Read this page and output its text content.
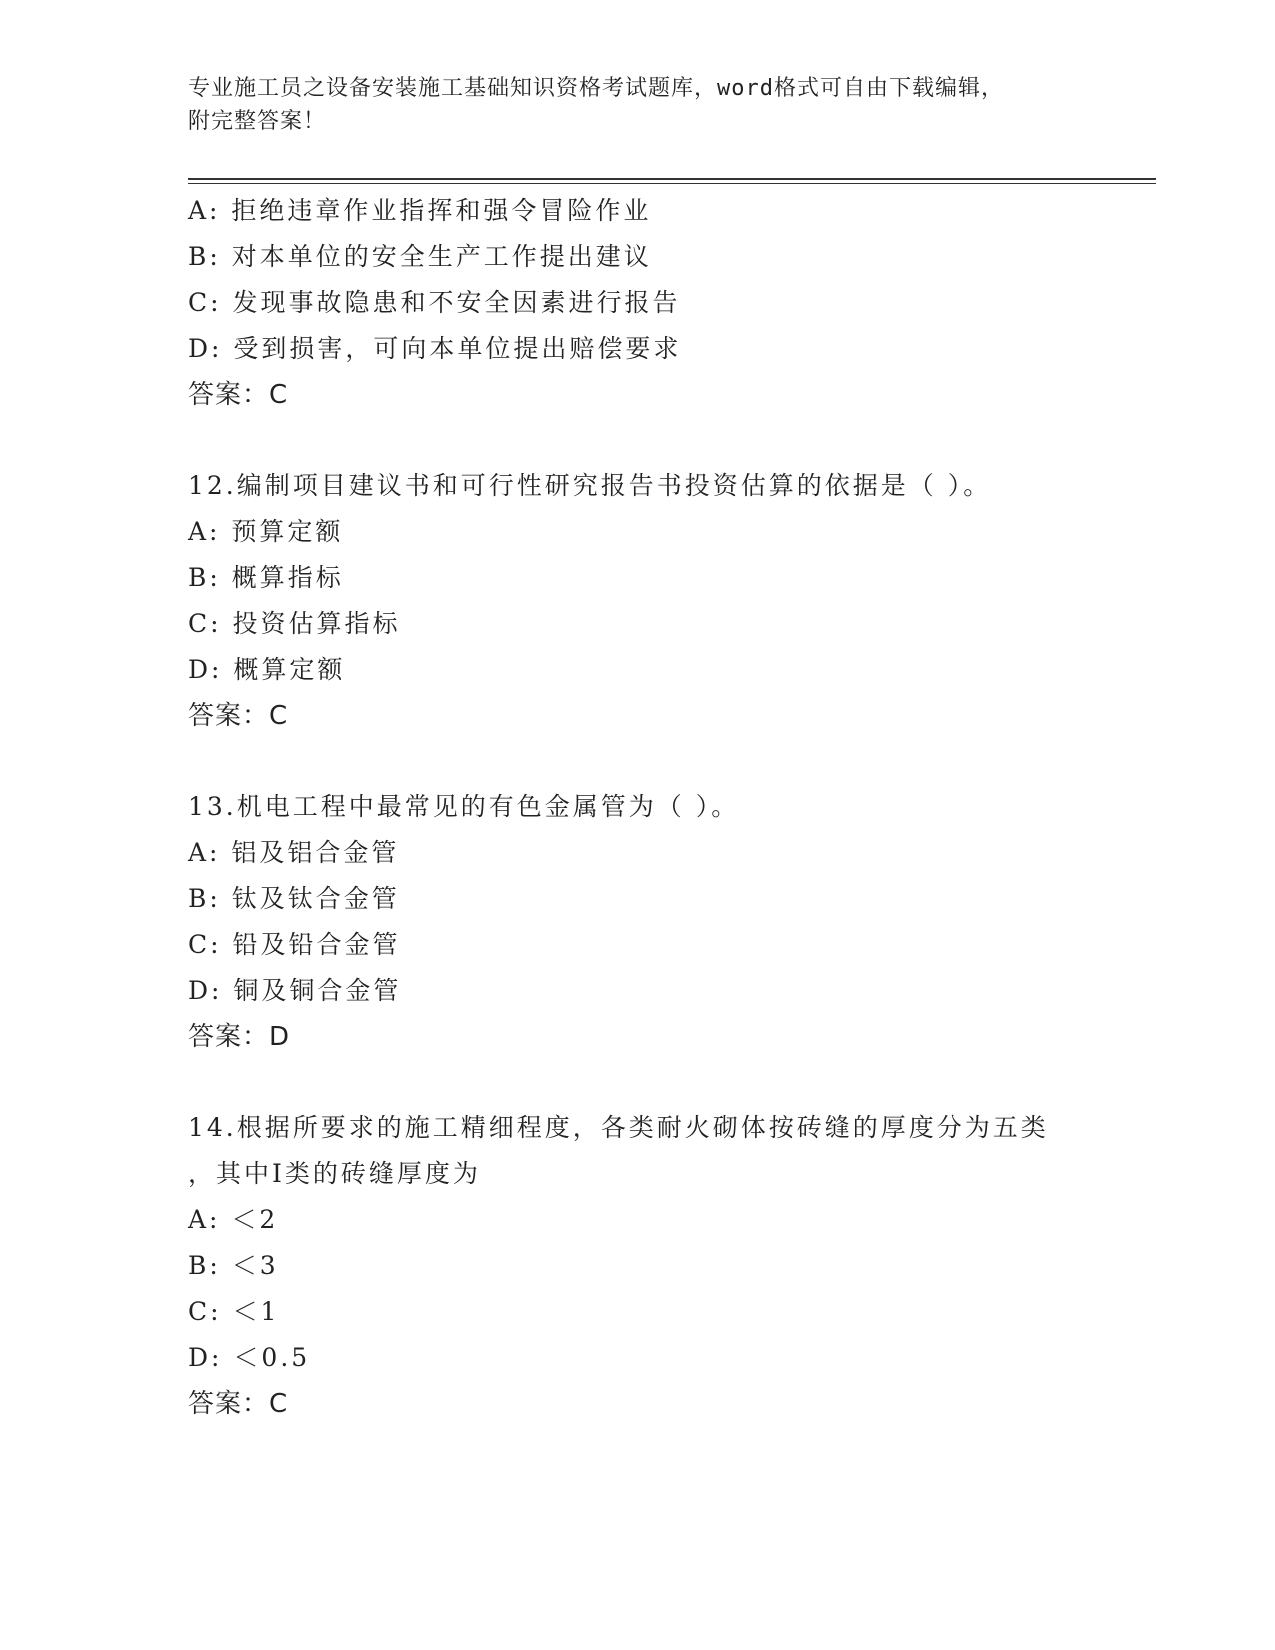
专业施工员之设备安装施工基础知识资格考试题库，word格式可自由下载编辑，
附完整答案！
A: 拒绝违章作业指挥和强令冒险作业
B: 对本单位的安全生产工作提出建议
C: 发现事故隐患和不安全因素进行报告
D: 受到损害，可向本单位提出赔偿要求
答案：C
12.编制项目建议书和可行性研究报告书投资估算的依据是（ ）。
A: 预算定额
B: 概算指标
C: 投资估算指标
D: 概算定额
答案：C
13.机电工程中最常见的有色金属管为（ ）。
A: 铝及铝合金管
B: 钛及钛合金管
C: 铅及铅合金管
D: 铜及铜合金管
答案：D
14.根据所要求的施工精细程度，各类耐火砌体按砖缝的厚度分为五类
，其中Ⅰ类的砖缝厚度为
A: ＜2
B: ＜3
C: ＜1
D: ＜0.5
答案：C
